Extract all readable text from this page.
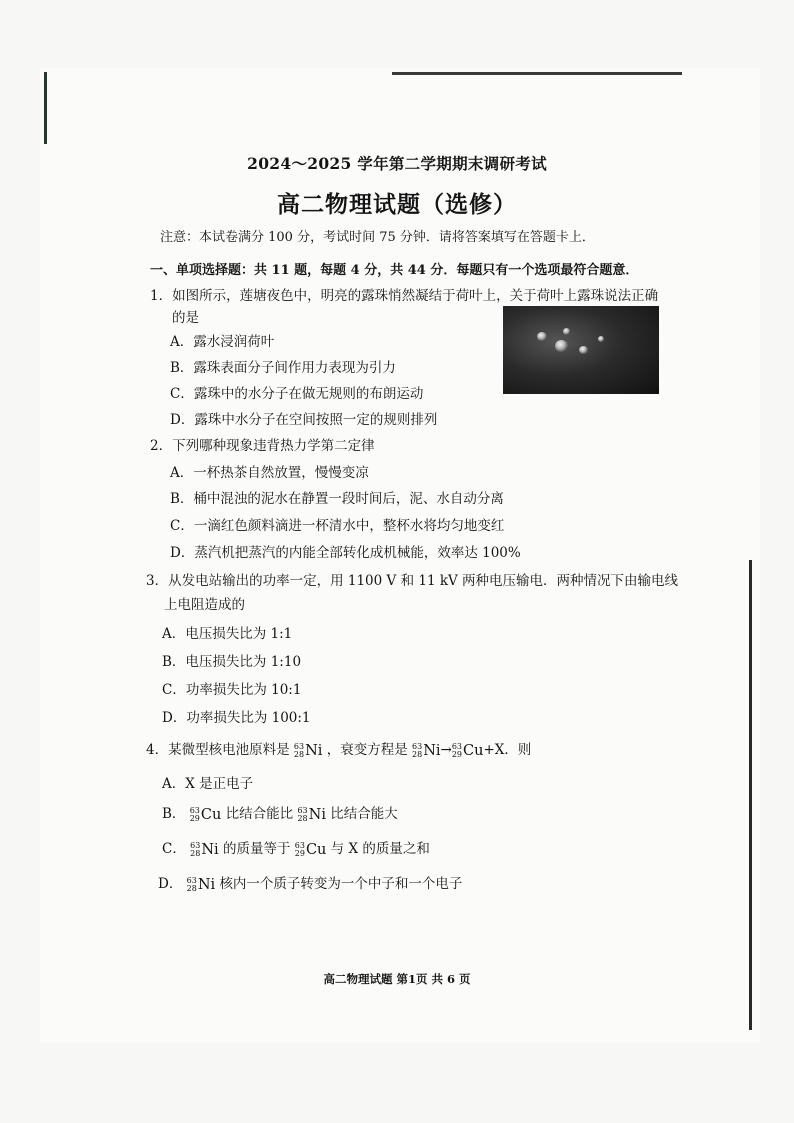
2024～2025 学年第二学期期末调研考试
高二物理试题（选修）
注意：本试卷满分 100 分，考试时间 75 分钟．请将答案填写在答题卡上．
一、单项选择题：共 11 题，每题 4 分，共 44 分．每题只有一个选项最符合题意．
1．如图所示，莲塘夜色中，明亮的露珠悄然凝结于荷叶上，关于荷叶上露珠说法正确
的是
A．露水浸润荷叶
B．露珠表面分子间作用力表现为引力
C．露珠中的水分子在做无规则的布朗运动
D．露珠中水分子在空间按照一定的规则排列
2．下列哪种现象违背热力学第二定律
A．一杯热茶自然放置，慢慢变凉
B．桶中混浊的泥水在静置一段时间后，泥、水自动分离
C．一滴红色颜料滴进一杯清水中，整杯水将均匀地变红
D．蒸汽机把蒸汽的内能全部转化成机械能，效率达 100%
3．从发电站输出的功率一定，用 1100 V 和 11 kV 两种电压输电．两种情况下由输电线
上电阻造成的
A．电压损失比为 1:1
B．电压损失比为 1:10
C．功率损失比为 10:1
D．功率损失比为 100:1
4．某微型核电池原料是 63
28 Ni ，衰变方程是 63
28 Ni→ 63
29 Cu+X．则
A．X 是正电子
B． 63
29 Cu 比结合能比 63
28 Ni 比结合能大
C． 63
28 Ni 的质量等于 63
29 Cu 与 X 的质量之和
D． 63
28 Ni 核内一个质子转变为一个中子和一个电子
高二物理试题 第1页 共 6 页
